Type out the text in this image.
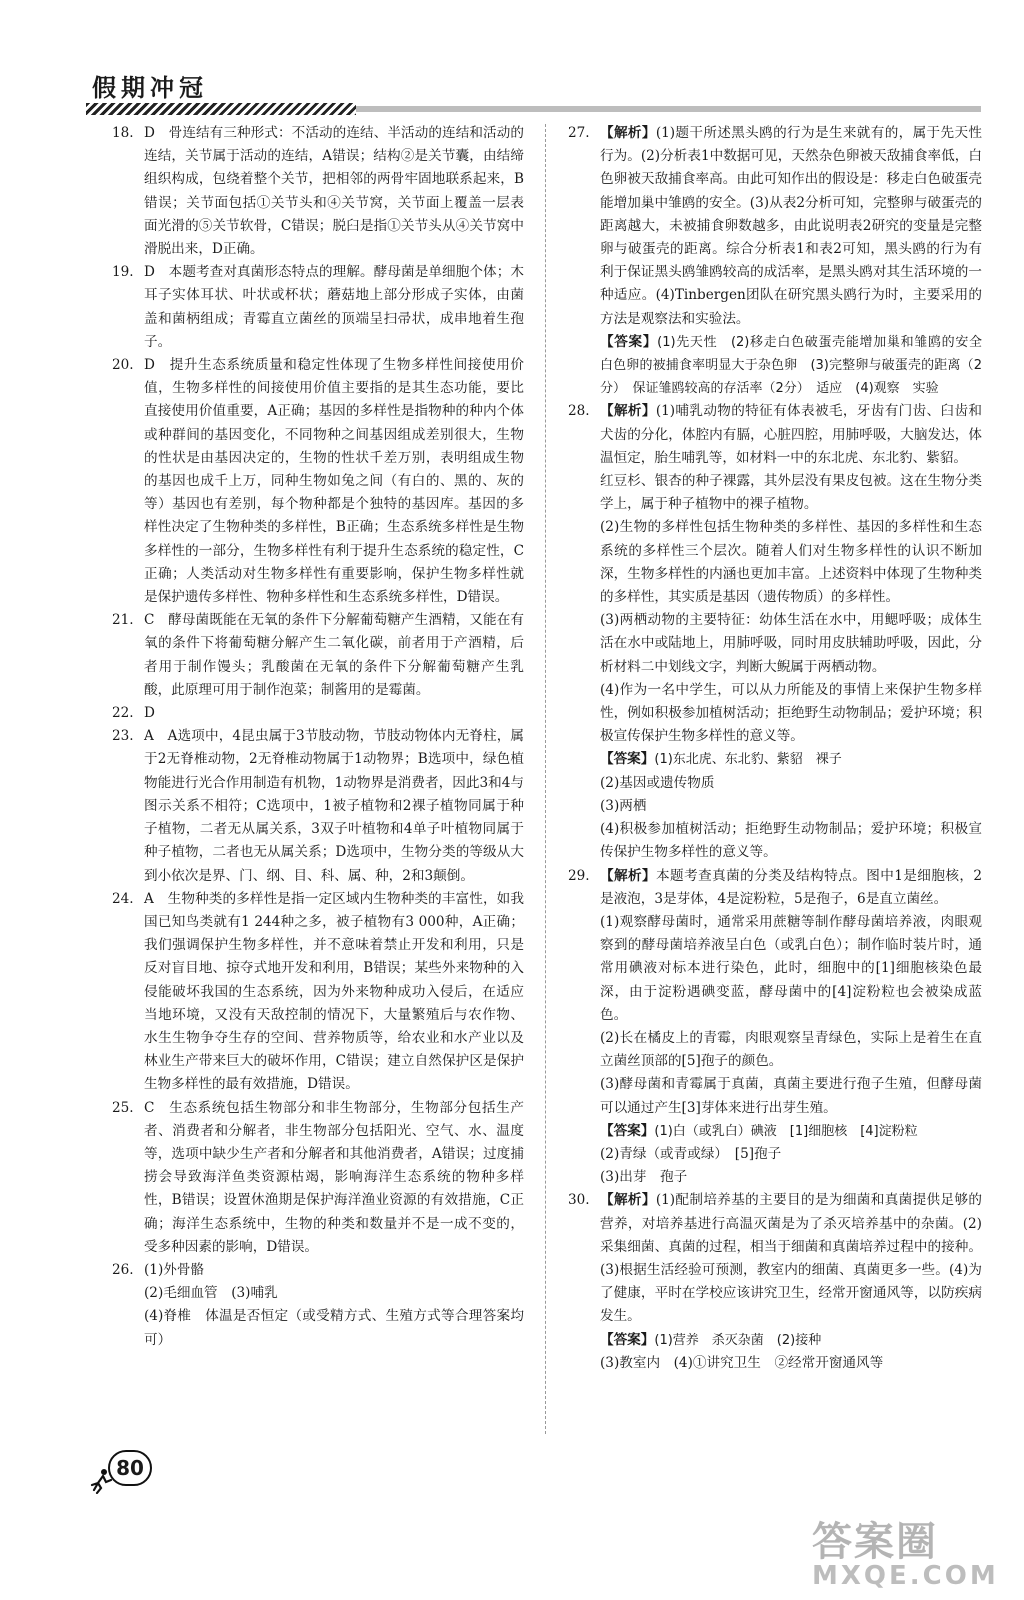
假期冲冠
18. D　骨连结有三种形式：不活动的连结、半活动的连结和活动的连结，关节属于活动的连结，A错误；结构②是关节囊，由结缔组织构成，包绕着整个关节，把相邻的两骨牢固地联系起来，B错误；关节面包括①关节头和④关节窝，关节面上覆盖一层表面光滑的⑤关节软骨，C错误；脱臼是指①关节头从④关节窝中滑脱出来，D正确。
19. D　本题考查对真菌形态特点的理解。酵母菌是单细胞个体；木耳子实体耳状、叶状或杯状；蘑菇地上部分形成子实体，由菌盖和菌柄组成；青霉直立菌丝的顶端呈扫帚状，成串地着生孢子。
20. D　提升生态系统质量和稳定性体现了生物多样性间接使用价值，生物多样性的间接使用价值主要指的是其生态功能，要比直接使用价值重要，A正确；基因的多样性是指物种的种内个体或种群间的基因变化，不同物种之间基因组成差别很大，生物的性状是由基因决定的，生物的性状千差万别，表明组成生物的基因也成千上万，同种生物如兔之间（有白的、黑的、灰的等）基因也有差别，每个物种都是个独特的基因库。基因的多样性决定了生物种类的多样性，B正确；生态系统多样性是生物多样性的一部分，生物多样性有利于提升生态系统的稳定性，C正确；人类活动对生物多样性有重要影响，保护生物多样性就是保护遗传多样性、物种多样性和生态系统多样性，D错误。
21. C　酵母菌既能在无氧的条件下分解葡萄糖产生酒精，又能在有氧的条件下将葡萄糖分解产生二氧化碳，前者用于产酒精，后者用于制作馒头；乳酸菌在无氧的条件下分解葡萄糖产生乳酸，此原理可用于制作泡菜；制酱用的是霉菌。
22. D
23. A　A选项中，4昆虫属于3节肢动物，节肢动物体内无脊柱，属于2无脊椎动物，2无脊椎动物属于1动物界；B选项中，绿色植物能进行光合作用制造有机物，1动物界是消费者，因此3和4与图示关系不相符；C选项中，1被子植物和2裸子植物同属于种子植物，二者无从属关系，3双子叶植物和4单子叶植物同属于种子植物，二者也无从属关系；D选项中，生物分类的等级从大到小依次是界、门、纲、目、科、属、种，2和3颠倒。
24. A　生物种类的多样性是指一定区域内生物种类的丰富性，如我国已知鸟类就有1 244种之多，被子植物有3 000种，A正确；我们强调保护生物多样性，并不意味着禁止开发和利用，只是反对盲目地、掠夺式地开发和利用，B错误；某些外来物种的入侵能破坏我国的生态系统，因为外来物种成功入侵后，在适应当地环境，又没有天敌控制的情况下，大量繁殖后与农作物、水生生物争夺生存的空间、营养物质等，给农业和水产业以及林业生产带来巨大的破坏作用，C错误；建立自然保护区是保护生物多样性的最有效措施，D错误。
25. C　生态系统包括生物部分和非生物部分，生物部分包括生产者、消费者和分解者，非生物部分包括阳光、空气、水、温度等，选项中缺少生产者和分解者和其他消费者，A错误；过度捕捞会导致海洋鱼类资源枯竭，影响海洋生态系统的物种多样性，B错误；设置休渔期是保护海洋渔业资源的有效措施，C正确；海洋生态系统中，生物的种类和数量并不是一成不变的，受多种因素的影响，D错误。
26. (1)外骨骼
(2)毛细血管　(3)哺乳
(4)脊椎　体温是否恒定（或受精方式、生殖方式等合理答案均可）
27. 【解析】(1)题干所述黑头鸥的行为是生来就有的，属于先天性行为。(2)分析表1中数据可见，天然杂色卵被天敌捕食率低，白色卵被天敌捕食率高。由此可知作出的假设是：移走白色破蛋壳能增加巢中雏鸥的安全。(3)从表2分析可知，完整卵与破蛋壳的距离越大，未被捕食卵数越多，由此说明表2研究的变量是完整卵与破蛋壳的距离。综合分析表1和表2可知，黑头鸥的行为有利于保证黑头鸥雏鸥较高的成活率，是黑头鸥对其生活环境的一种适应。(4)Tinbergen团队在研究黑头鸥行为时，主要采用的方法是观察法和实验法。
【答案】(1)先天性　(2)移走白色破蛋壳能增加巢和雏鸥的安全　白色卵的被捕食率明显大于杂色卵　(3)完整卵与破蛋壳的距离（2分）　保证雏鸥较高的存活率（2分）　适应　(4)观察　实验
28. 【解析】(1)哺乳动物的特征有体表被毛，牙齿有门齿、臼齿和犬齿的分化，体腔内有膈，心脏四腔，用肺呼吸，大脑发达，体温恒定，胎生哺乳等，如材料一中的东北虎、东北豹、紫貂。
红豆杉、银杏的种子裸露，其外层没有果皮包被。这在生物分类学上，属于种子植物中的裸子植物。
(2)生物的多样性包括生物种类的多样性、基因的多样性和生态系统的多样性三个层次。随着人们对生物多样性的认识不断加深，生物多样性的内涵也更加丰富。上述资料中体现了生物种类的多样性，其实质是基因（遗传物质）的多样性。
(3)两栖动物的主要特征：幼体生活在水中，用鳃呼吸；成体生活在水中或陆地上，用肺呼吸，同时用皮肤辅助呼吸，因此，分析材料二中划线文字，判断大鲵属于两栖动物。
(4)作为一名中学生，可以从力所能及的事情上来保护生物多样性，例如积极参加植树活动；拒绝野生动物制品；爱护环境；积极宣传保护生物多样性的意义等。
【答案】(1)东北虎、东北豹、紫貂　裸子
(2)基因或遗传物质
(3)两栖
(4)积极参加植树活动；拒绝野生动物制品；爱护环境；积极宣传保护生物多样性的意义等。
29. 【解析】本题考查真菌的分类及结构特点。图中1是细胞核，2是液泡，3是芽体，4是淀粉粒，5是孢子，6是直立菌丝。
(1)观察酵母菌时，通常采用蔗糖等制作酵母菌培养液，肉眼观察到的酵母菌培养液呈白色（或乳白色）；制作临时装片时，通常用碘液对标本进行染色，此时，细胞中的[1]细胞核染色最深，由于淀粉遇碘变蓝，酵母菌中的[4]淀粉粒也会被染成蓝色。
(2)长在橘皮上的青霉，肉眼观察呈青绿色，实际上是着生在直立菌丝顶部的[5]孢子的颜色。
(3)酵母菌和青霉属于真菌，真菌主要进行孢子生殖，但酵母菌可以通过产生[3]芽体来进行出芽生殖。
【答案】(1)白（或乳白）碘液　[1]细胞核　[4]淀粉粒
(2)青绿（或青或绿）　[5]孢子
(3)出芽　孢子
30. 【解析】(1)配制培养基的主要目的是为细菌和真菌提供足够的营养，对培养基进行高温灭菌是为了杀灭培养基中的杂菌。(2)采集细菌、真菌的过程，相当于细菌和真菌培养过程中的接种。(3)根据生活经验可预测，教室内的细菌、真菌更多一些。(4)为了健康，平时在学校应该讲究卫生，经常开窗通风等，以防疾病发生。
【答案】(1)营养　杀灭杂菌　(2)接种
(3)教室内　(4)①讲究卫生　②经常开窗通风等
80
答案圈
MXQE.COM
